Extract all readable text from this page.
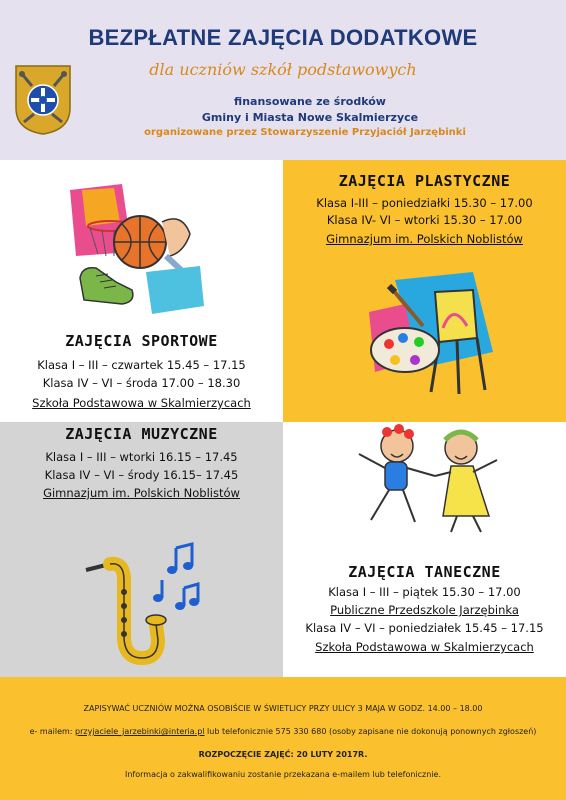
BEZPŁATNE ZAJĘCIA DODATKOWE
dla uczniów szkół podstawowych
finansowane ze środków
Gminy i Miasta Nowe Skalmierzyce
organizowane przez Stowarzyszenie Przyjaciół Jarzębinki
ZAJĘCIA SPORTOWE
Klasa I – III – czwartek 15.45 – 17.15
Klasa IV – VI – środa 17.00 – 18.30
Szkoła Podstawowa w Skalmierzycach
ZAJĘCIA PLASTYCZNE
Klasa I-III – poniedziałki 15.30 – 17.00
Klasa IV- VI – wtorki 15.30 – 17.00
Gimnazjum im. Polskich Noblistów
ZAJĘCIA MUZYCZNE
Klasa I – III – wtorki 16.15 – 17.45
Klasa IV – VI – środy 16.15– 17.45
Gimnazjum im. Polskich Noblistów
ZAJĘCIA TANECZNE
Klasa I – III – piątek 15.30 – 17.00
Publiczne Przedszkole Jarzębinka
Klasa IV – VI – poniedziałek 15.45 – 17.15
Szkoła Podstawowa w Skalmierzycach
ZAPISYWAĆ UCZNIÓW MOŻNA OSOBIŚCIE W ŚWIETLICY PRZY ULICY 3 MAJA W GODZ. 14.00 – 18.00
e- mailem: przyjaciele_jarzebinki@interia.pl lub telefonicznie 575 330 680 (osoby zapisane nie dokonują ponownych zgłoszeń)
ROZPOCZĘCIE ZAJĘĆ: 20 LUTY 2017R.
Informacja o zakwalifikowaniu zostanie przekazana e-mailem lub telefonicznie.
